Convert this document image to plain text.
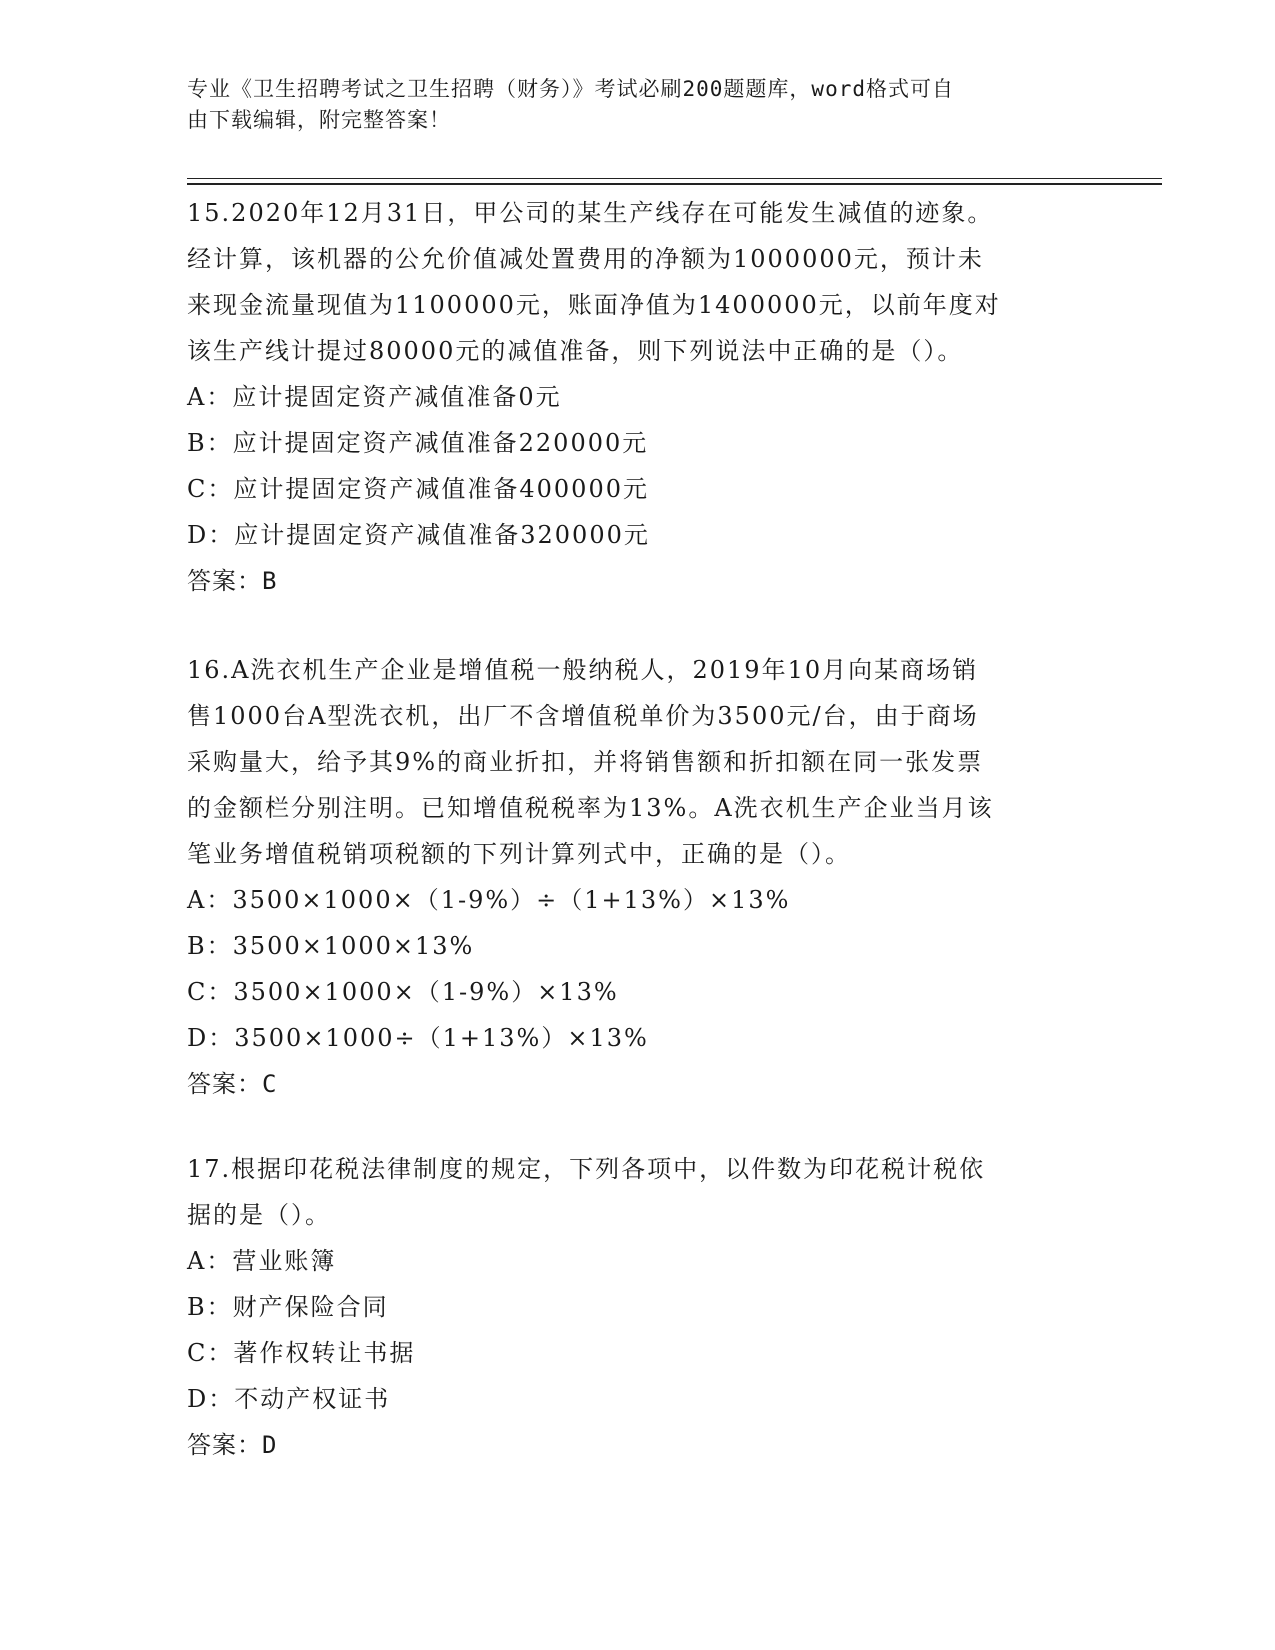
专业《卫生招聘考试之卫生招聘（财务）》考试必刷200题题库，word格式可自
由下载编辑，附完整答案！

15.2020年12月31日，甲公司的某生产线存在可能发生减值的迹象。

经计算，该机器的公允价值减处置费用的净额为1000000元，预计未

来现金流量现值为1100000元，账面净值为1400000元，以前年度对

该生产线计提过80000元的减值准备，则下列说法中正确的是（）。

A：应计提固定资产减值准备0元

B：应计提固定资产减值准备220000元

C：应计提固定资产减值准备400000元

D：应计提固定资产减值准备320000元

答案：B

16.A洗衣机生产企业是增值税一般纳税人，2019年10月向某商场销

售1000台A型洗衣机，出厂不含增值税单价为3500元/台，由于商场

采购量大，给予其9%的商业折扣，并将销售额和折扣额在同一张发票

的金额栏分别注明。已知增值税税率为13%。A洗衣机生产企业当月该

笔业务增值税销项税额的下列计算列式中，正确的是（）。

A：3500×1000×（1-9%）÷（1+13%）×13%

B：3500×1000×13%

C：3500×1000×（1-9%）×13%

D：3500×1000÷（1+13%）×13%

答案：C

17.根据印花税法律制度的规定，下列各项中，以件数为印花税计税依

据的是（）。

A：营业账簿

B：财产保险合同

C：著作权转让书据

D：不动产权证书

答案：D
